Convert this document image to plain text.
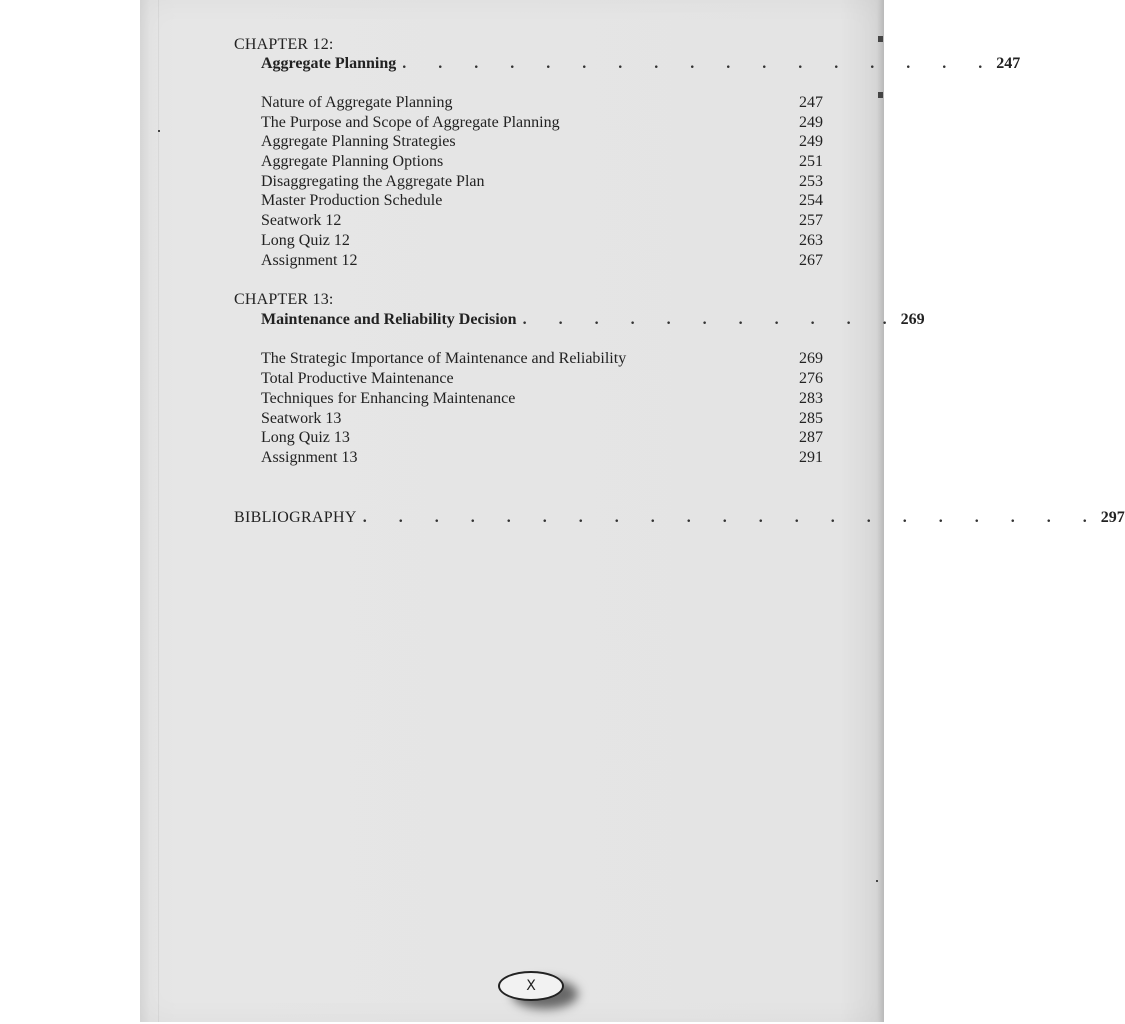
CHAPTER 12:
Aggregate Planning . . . . . . . . . . . . . . . . . 247
Nature of Aggregate Planning	247
The Purpose and Scope of Aggregate Planning	249
Aggregate Planning Strategies	249
Aggregate Planning Options	251
Disaggregating the Aggregate Plan	253
Master Production Schedule	254
Seatwork 12	257
Long Quiz 12	263
Assignment 12	267
CHAPTER 13:
Maintenance and Reliability Decision . . . . . . . . . . . 269
The Strategic Importance of Maintenance and Reliability	269
Total Productive Maintenance	276
Techniques for Enhancing Maintenance	283
Seatwork 13	285
Long Quiz 13	287
Assignment 13	291
BIBLIOGRAPHY . . . . . . . . . . . . . . . . . . . . . 297
X
